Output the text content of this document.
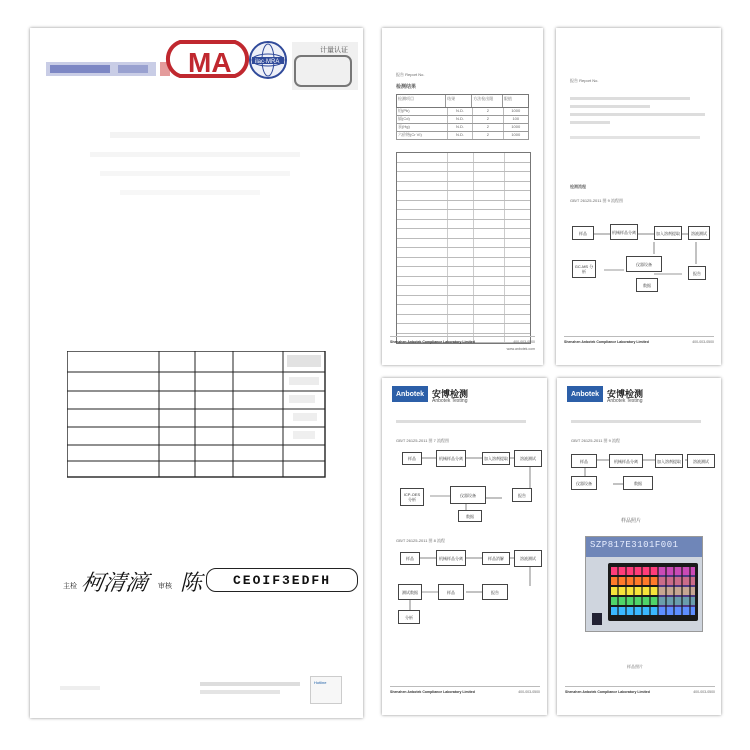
MA	ilac·MRA
计量认证
主检 柯清滴 审核 陈 CEOIF3EDFH
Hotline
报告 Report No.
检测结果
检测项目	结果	方法检出限	限值
铅(Pb)	N.D.	2	1000
镉(Cd)	N.D.	2	100
汞(Hg)	N.D.	2	1000
六价铬(Cr VI)	N.D.	2	1000
Shenzhen Anbotek Compliance Laboratory Limited	400-003-0500
www.anbotek.com
报告 Report No.
检测流程
GB/T 26125-2011 图 9 流程图
样品	机械样品分离	加入溶剂提取	溶液测试
GC-MS 分析
仪器设备
数据
报告
Shenzhen Anbotek Compliance Laboratory Limited	400-003-0500
Anbotek 安博检测
Anbotek Testing
GB/T 26125-2011 图 7 流程图
样品	机械样品分离	加入溶剂提取	溶液测试
ICP-OES 分析
仪器设备
数据
报告
GB/T 26125-2011 图 8 流程
样品	机械样品分离	样品消解	溶液测试
测试数据	样品	报告
分析
Shenzhen Anbotek Compliance Laboratory Limited	400-003-0500
Anbotek 安博检测
Anbotek Testing
GB/T 26125-2011 图 9 流程
样品	机械样品分离	加入溶剂提取	溶液测试
仪器设备	数据
样品照片
SZP817E3101F001
样品照片
Shenzhen Anbotek Compliance Laboratory Limited	400-003-0500
